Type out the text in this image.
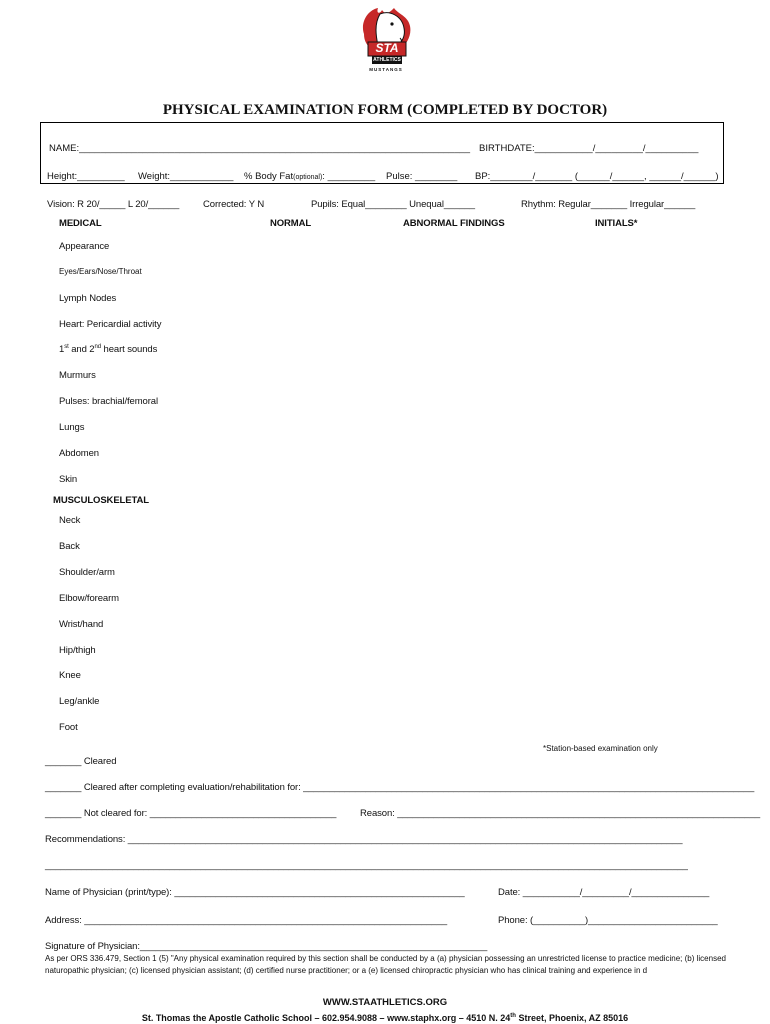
STA
ATHLETICS
MUSTANGS
PHYSICAL EXAMINATION FORM (COMPLETED BY DOCTOR)
NAME:__________________________________________________________________________ BIRTHDATE:___________/_________/__________
Height:_________ Weight:____________ % Body Fat(optional): _________ Pulse: ________ BP:________/_______ (______/______, ______/______)
Vision: R 20/_____ L 20/______	Corrected: Y N	Pupils: Equal________ Unequal______	Rhythm: Regular_______ Irregular______
MEDICAL	NORMAL	ABNORMAL FINDINGS	INITIALS*
Appearance
Eyes/Ears/Nose/Throat
Lymph Nodes
Heart: Pericardial activity
1st and 2nd heart sounds
Murmurs
Pulses: brachial/femoral
Lungs
Abdomen
Skin
MUSCULOSKELETAL
Neck
Back
Shoulder/arm
Elbow/forearm
Wrist/hand
Hip/thigh
Knee
Leg/ankle
Foot
*Station-based examination only
_______ Cleared
_______ Cleared after completing evaluation/rehabilitation for: _______________________________________________________________________________________
_______ Not cleared for: ____________________________________ Reason: ______________________________________________________________________
Recommendations: ___________________________________________________________________________________________________________
____________________________________________________________________________________________________________________________
Name of Physician (print/type): ________________________________________________________	Date: ___________/_________/_______________
Address: ______________________________________________________________________	Phone: (__________)_________________________
Signature of Physician:___________________________________________________________________
As per ORS 336.479, Section 1 (5) "Any physical examination required by this section shall be conducted by a (a) physician possessing an unrestricted license to practice medicine; (b) licensed naturopathic physician; (c) licensed physician assistant; (d) certified nurse practitioner; or a (e) licensed chiropractic physician who has clinical training and experience in d
WWW.STAATHLETICS.ORG
St. Thomas the Apostle Catholic School – 602.954.9088 – www.staphx.org – 4510 N. 24th Street, Phoenix, AZ 85016
